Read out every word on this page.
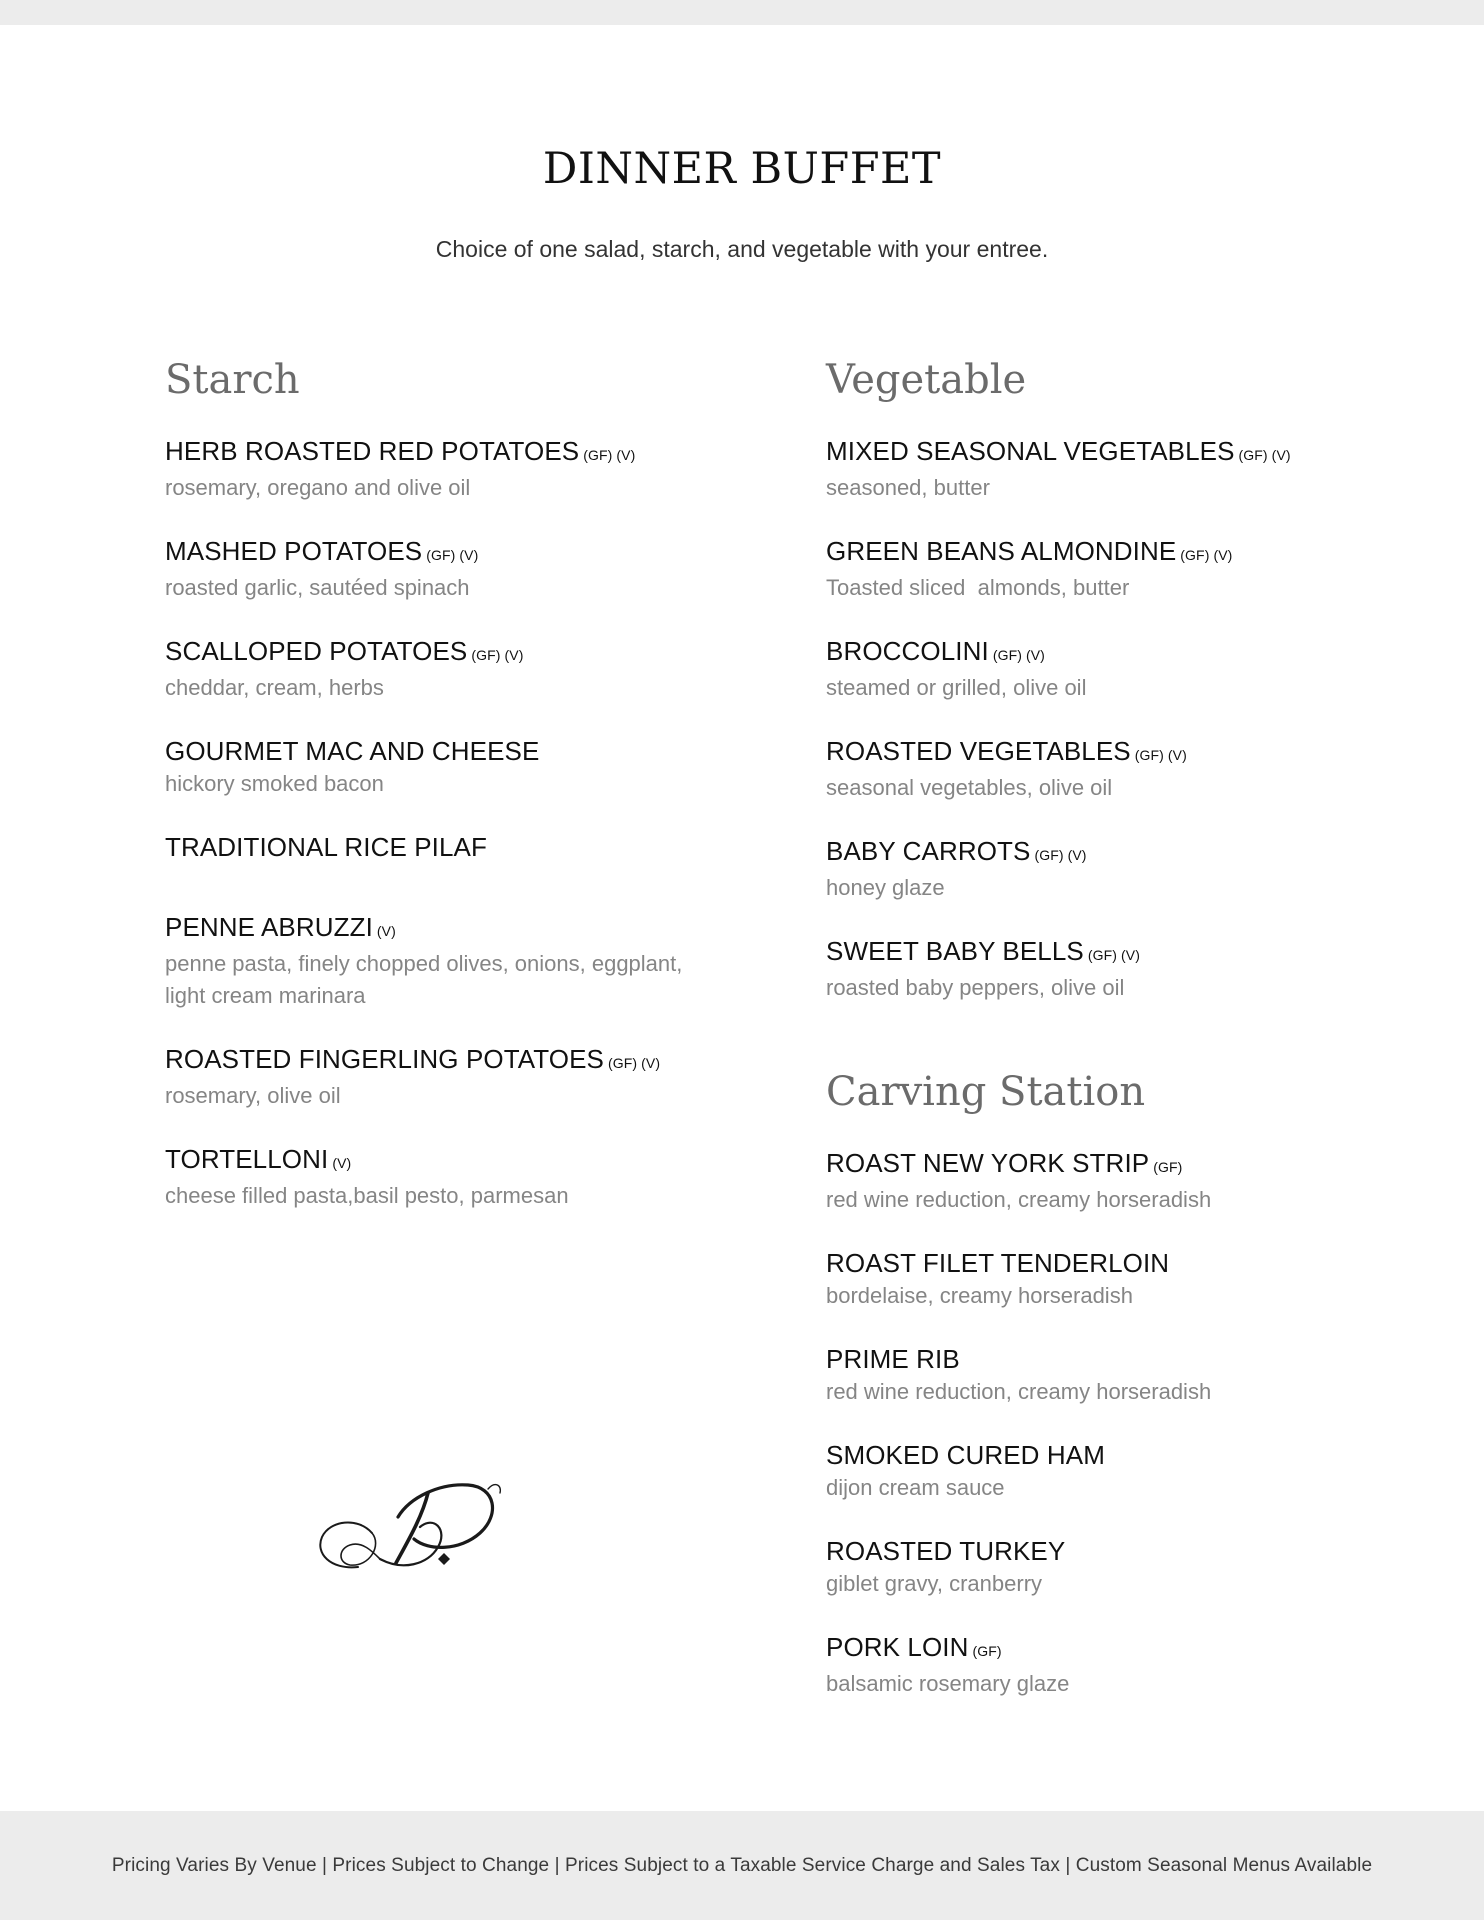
DINNER BUFFET

Choice of one salad, starch, and vegetable with your entree.

Starch
HERB ROASTED RED POTATOES (GF) (V)
rosemary, oregano and olive oil
MASHED POTATOES (GF) (V)
roasted garlic, sautéed spinach
SCALLOPED POTATOES (GF) (V)
cheddar, cream, herbs
GOURMET MAC AND CHEESE
hickory smoked bacon
TRADITIONAL RICE PILAF
PENNE ABRUZZI (V)
penne pasta, finely chopped olives, onions, eggplant, light cream marinara
ROASTED FINGERLING POTATOES (GF) (V)
rosemary, olive oil
TORTELLONI (V)
cheese filled pasta,basil pesto, parmesan
Vegetable
MIXED SEASONAL VEGETABLES (GF) (V)
seasoned, butter
GREEN BEANS ALMONDINE (GF) (V)
Toasted sliced  almonds, butter
BROCCOLINI (GF) (V)
steamed or grilled, olive oil
ROASTED VEGETABLES (GF) (V)
seasonal vegetables, olive oil
BABY CARROTS (GF) (V)
honey glaze
SWEET BABY BELLS (GF) (V)
roasted baby peppers, olive oil
Carving Station
ROAST NEW YORK STRIP (GF)
red wine reduction, creamy horseradish
ROAST FILET TENDERLOIN
bordelaise, creamy horseradish
PRIME RIB
red wine reduction, creamy horseradish
SMOKED CURED HAM
dijon cream sauce
ROASTED TURKEY
giblet gravy, cranberry
PORK LOIN (GF)
balsamic rosemary glaze
Pricing Varies By Venue | Prices Subject to Change | Prices Subject to a Taxable Service Charge and Sales Tax | Custom Seasonal Menus Available
